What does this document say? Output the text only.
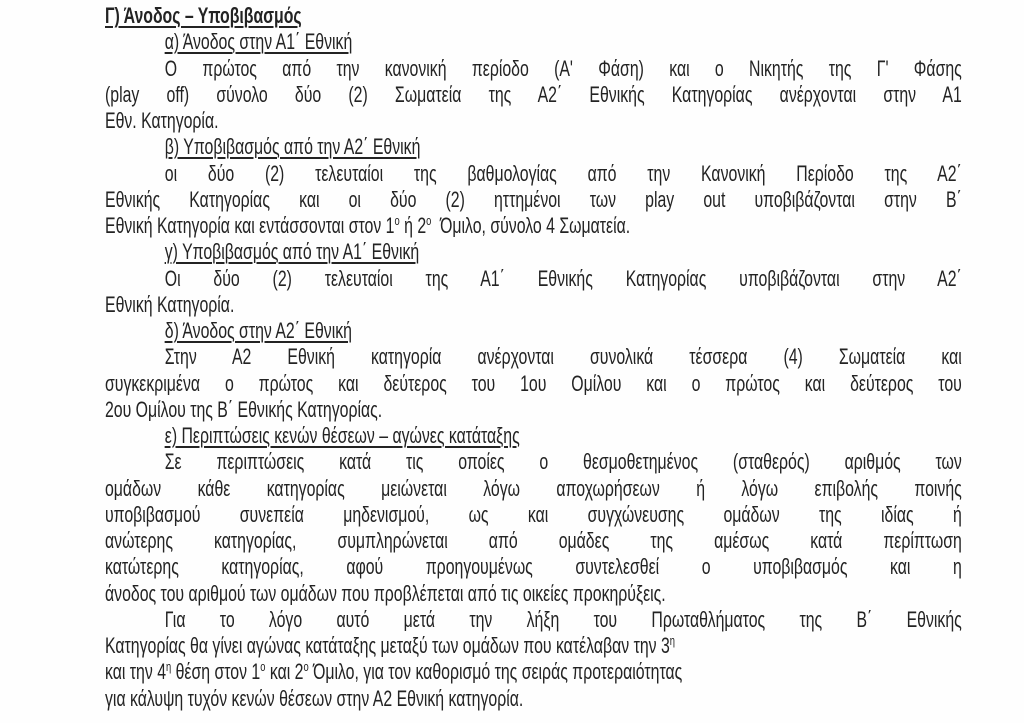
Γ) Άνοδος – Υποβιβασμός
α) Άνοδος στην Α1΄ Εθνική
Ο πρώτος από την κανονική περίοδο (Α' Φάση) και ο Νικητής της Γ' Φάσης
(play off) σύνολο δύο (2) Σωματεία της Α2΄ Εθνικής Κατηγορίας ανέρχονται στην Α1
Εθν. Κατηγορία.
β) Υποβιβασμός από την Α2΄ Εθνική
οι δύο (2) τελευταίοι της βαθμολογίας από την Κανονική Περίοδο της Α2΄
Εθνικής Κατηγορίας και οι δύο (2) ηττημένοι των play out υποβιβάζονται στην Β΄
Εθνική Κατηγορία και εντάσσονται στον $1^o$ ή $2^o$ Όμιλο, σύνολο 4 Σωματεία.
γ) Υποβιβασμός από την Α1΄ Εθνική
Οι δύο (2) τελευταίοι της Α1΄ Εθνικής Κατηγορίας υποβιβάζονται στην Α2΄
Εθνική Κατηγορία.
δ) Άνοδος στην Α2΄ Εθνική
Στην Α2 Εθνική κατηγορία ανέρχονται συνολικά τέσσερα (4) Σωματεία και
συγκεκριμένα ο πρώτος και δεύτερος του 1ου Ομίλου και ο πρώτος και δεύτερος του
2ου Ομίλου της Β΄ Εθνικής Κατηγορίας.
ε) Περιπτώσεις κενών θέσεων – αγώνες κατάταξης
Σε περιπτώσεις κατά τις οποίες ο θεσμοθετημένος (σταθερός) αριθμός των
ομάδων κάθε κατηγορίας μειώνεται λόγω αποχωρήσεων ή λόγω επιβολής ποινής
υποβιβασμού συνεπεία μηδενισμού, ως και συγχώνευσης ομάδων της ιδίας ή
ανώτερης κατηγορίας, συμπληρώνεται από ομάδες της αμέσως κατά περίπτωση
κατώτερης κατηγορίας, αφού προηγουμένως συντελεσθεί ο υποβιβασμός και η
άνοδος του αριθμού των ομάδων που προβλέπεται από τις οικείες προκηρύξεις.
Για το λόγο αυτό μετά την λήξη του Πρωταθλήματος της Β΄ Εθνικής
Κατηγορίας θα γίνει αγώνας κατάταξης μεταξύ των ομάδων που κατέλαβαν την $3^\eta$
και την $4^\eta$ θέση στον $1^o$ και $2^o$ Όμιλο, για τον καθορισμό της σειράς προτεραιότητας
για κάλυψη τυχόν κενών θέσεων στην Α2 Εθνική κατηγορία.
